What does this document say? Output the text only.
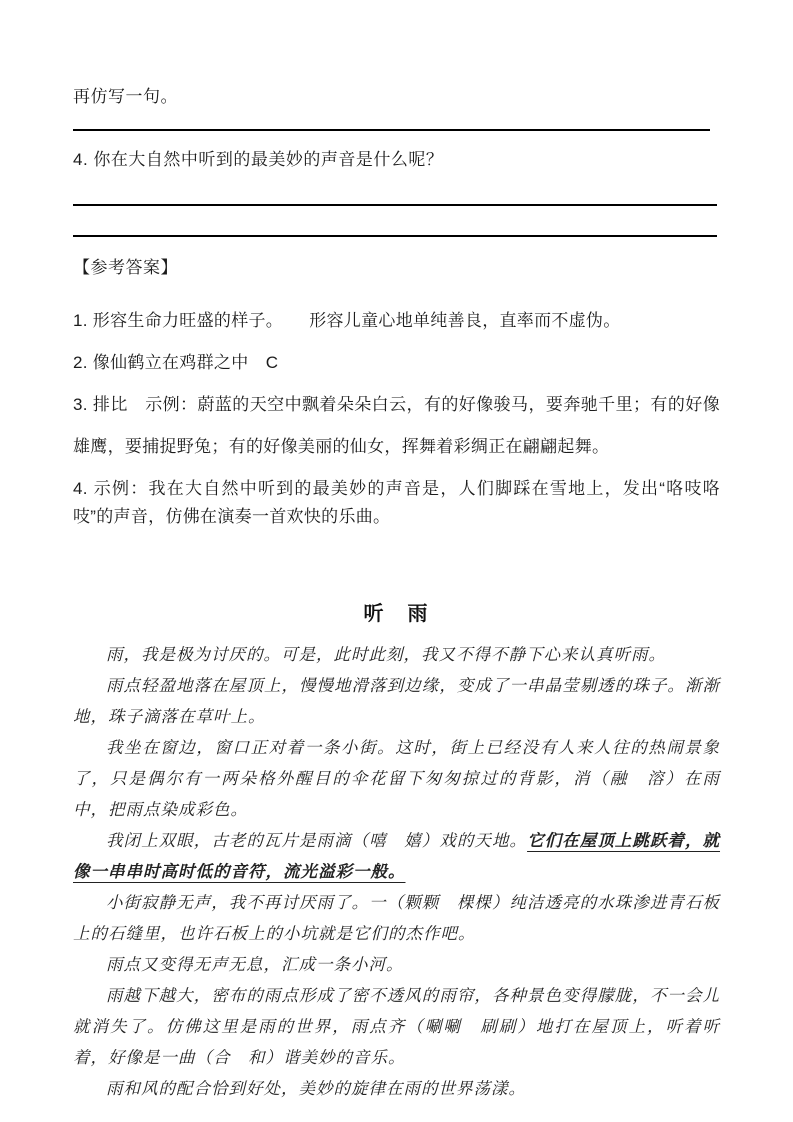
再仿写一句。

4. 你在大自然中听到的最美妙的声音是什么呢？

【参考答案】

1. 形容生命力旺盛的样子。　　形容儿童心地单纯善良，直率而不虚伪。

2. 像仙鹤立在鸡群之中　C

3. 排比　示例：蔚蓝的天空中飘着朵朵白云，有的好像骏马，要奔驰千里；有的好像雄鹰，要捕捉野兔；有的好像美丽的仙女，挥舞着彩绸正在翩翩起舞。

4. 示例：我在大自然中听到的最美妙的声音是，人们脚踩在雪地上，发出“咯吱咯吱”的声音，仿佛在演奏一首欢快的乐曲。

听　雨

雨，我是极为讨厌的。可是，此时此刻，我又不得不静下心来认真听雨。

雨点轻盈地落在屋顶上，慢慢地滑落到边缘，变成了一串晶莹剔透的珠子。渐渐地，珠子滴落在草叶上。

我坐在窗边，窗口正对着一条小街。这时，街上已经没有人来人往的热闹景象了，只是偶尔有一两朵格外醒目的伞花留下匆匆掠过的背影，消（融　溶）在雨中，把雨点染成彩色。

我闭上双眼，古老的瓦片是雨滴（嘻　嬉）戏的天地。它们在屋顶上跳跃着，就像一串串时高时低的音符，流光溢彩一般。

小街寂静无声，我不再讨厌雨了。一（颗颗　棵棵）纯洁透亮的水珠渗进青石板上的石缝里，也许石板上的小坑就是它们的杰作吧。

雨点又变得无声无息，汇成一条小河。

雨越下越大，密布的雨点形成了密不透风的雨帘，各种景色变得朦胧，不一会儿就消失了。仿佛这里是雨的世界，雨点齐（唰唰　刷刷）地打在屋顶上，听着听着，好像是一曲（合　和）谐美妙的音乐。

雨和风的配合恰到好处，美妙的旋律在雨的世界荡漾。
